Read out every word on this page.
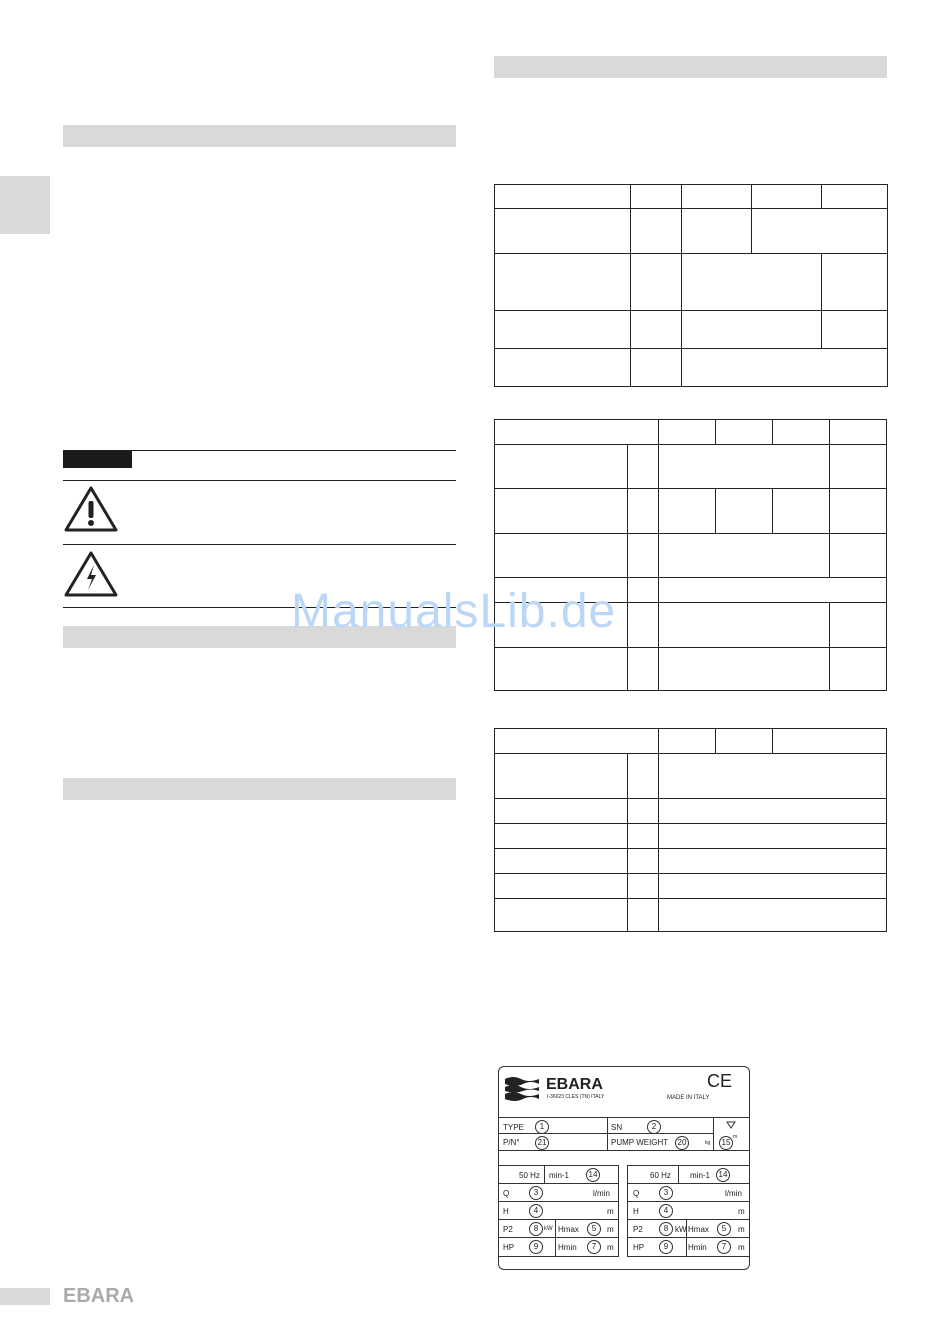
ManualsLib.de
EBARA
I-36023 CLES (TN) ITALY
CE
MADE IN ITALY
TYPE	1	SN	2
P/N°	21	PUMP WEIGHT	20	kg	15
m
50 Hz min-1	14
Q	3	l/min
H	4	m
P2	8 kW Hmax	5	m
HP	9	Hmin	7	m
60 Hz min-1	14
Q	3	l/min
H	4	m
P2	8 kW Hmax	5	m
HP	9	Hmin	7	m
EBARA
